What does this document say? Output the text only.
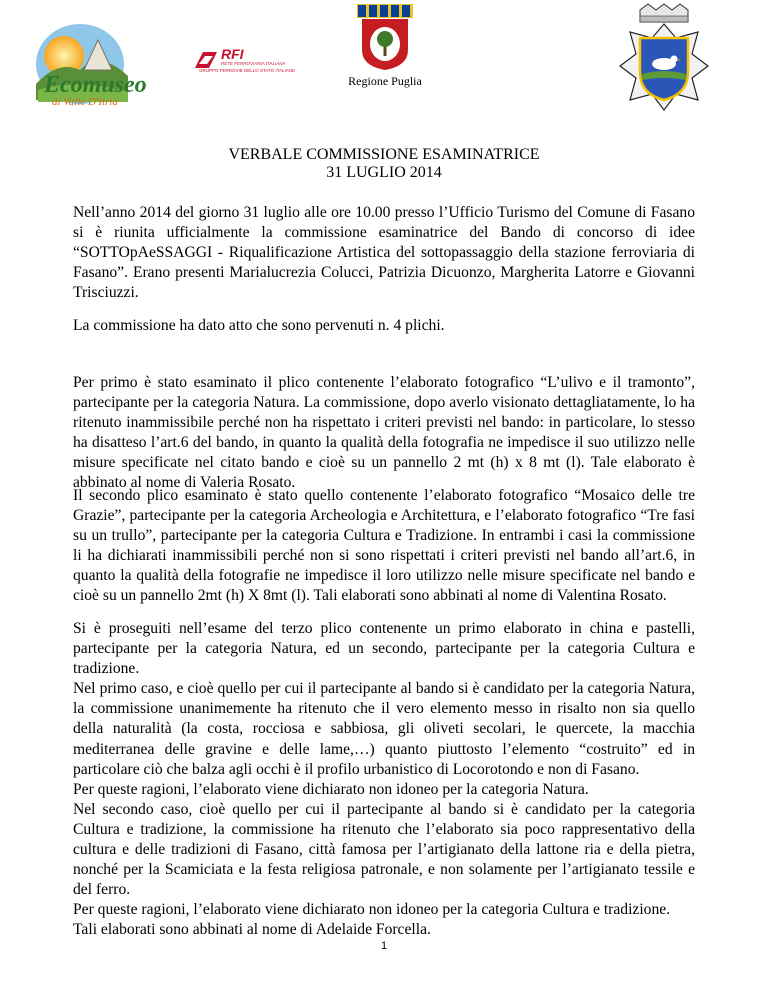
Ecomuseo
di Valle D'Itria
RFI
RETE FERROVIARIA ITALIANA
GRUPPO FERROVIE DELLO STATO ITALIANE
Regione Puglia
VERBALE COMMISSIONE ESAMINATRICE
31 LUGLIO 2014

Nell’anno 2014 del giorno 31 luglio alle ore 10.00 presso l’Ufficio Turismo del Comune di Fasano si è riunita ufficialmente la commissione esaminatrice del Bando di concorso di idee “SOTTOpAeSSAGGI - Riqualificazione Artistica del sottopassaggio della stazione ferroviaria di Fasano”. Erano presenti Marialucrezia Colucci, Patrizia Dicuonzo, Margherita Latorre e Giovanni Trisciuzzi.

La commissione ha dato atto che sono pervenuti n. 4 plichi.

Per primo è stato esaminato il plico contenente l’elaborato fotografico “L’ulivo e il tramonto”, partecipante per la categoria Natura. La commissione, dopo averlo visionato dettagliatamente, lo ha ritenuto inammissibile perché non ha rispettato i criteri previsti nel bando: in particolare, lo stesso ha disatteso l’art.6 del bando, in quanto la qualità della fotografia ne impedisce il suo utilizzo nelle misure specificate nel citato bando e cioè su un pannello 2 mt (h) x 8 mt (l). Tale elaborato è abbinato al nome di Valeria Rosato.

Il secondo plico esaminato è stato quello contenente l’elaborato fotografico “Mosaico delle tre Grazie”, partecipante per la categoria Archeologia e Architettura, e l’elaborato fotografico “Tre fasi su un trullo”, partecipante per la categoria Cultura e Tradizione. In entrambi i casi la commissione li ha dichiarati inammissibili perché non si sono rispettati i criteri previsti nel bando all’art.6, in quanto la qualità della fotografie ne impedisce il loro utilizzo nelle misure specificate nel bando e cioè su un pannello 2mt (h) X 8mt (l). Tali elaborati sono abbinati al nome di Valentina Rosato.

Si è proseguiti nell’esame del terzo plico contenente un primo elaborato in china e pastelli, partecipante per la categoria Natura, ed un secondo, partecipante per la categoria Cultura e tradizione.

Nel primo caso, e cioè quello per cui il partecipante al bando si è candidato per la categoria Natura, la commissione unanimemente ha ritenuto che il vero elemento messo in risalto non sia quello della naturalità (la costa, rocciosa e sabbiosa, gli oliveti secolari, le quercete, la macchia mediterranea delle gravine e delle lame,…) quanto piuttosto l’elemento “costruito” ed in particolare ciò che balza agli occhi è il profilo urbanistico di Locorotondo e non di Fasano.

Per queste ragioni, l’elaborato viene dichiarato non idoneo per la categoria Natura.

Nel secondo caso, cioè quello per cui il partecipante al bando si è candidato per la categoria Cultura e tradizione, la commissione ha ritenuto che l’elaborato sia poco rappresentativo della cultura e delle tradizioni di Fasano, città famosa per l’artigianato della lattone ria e della pietra, nonché per la Scamiciata e la festa religiosa patronale, e non solamente per l’artigianato tessile e del ferro.

Per queste ragioni, l’elaborato viene dichiarato non idoneo per la categoria Cultura e tradizione.

Tali elaborati sono abbinati al nome di Adelaide Forcella.

1
